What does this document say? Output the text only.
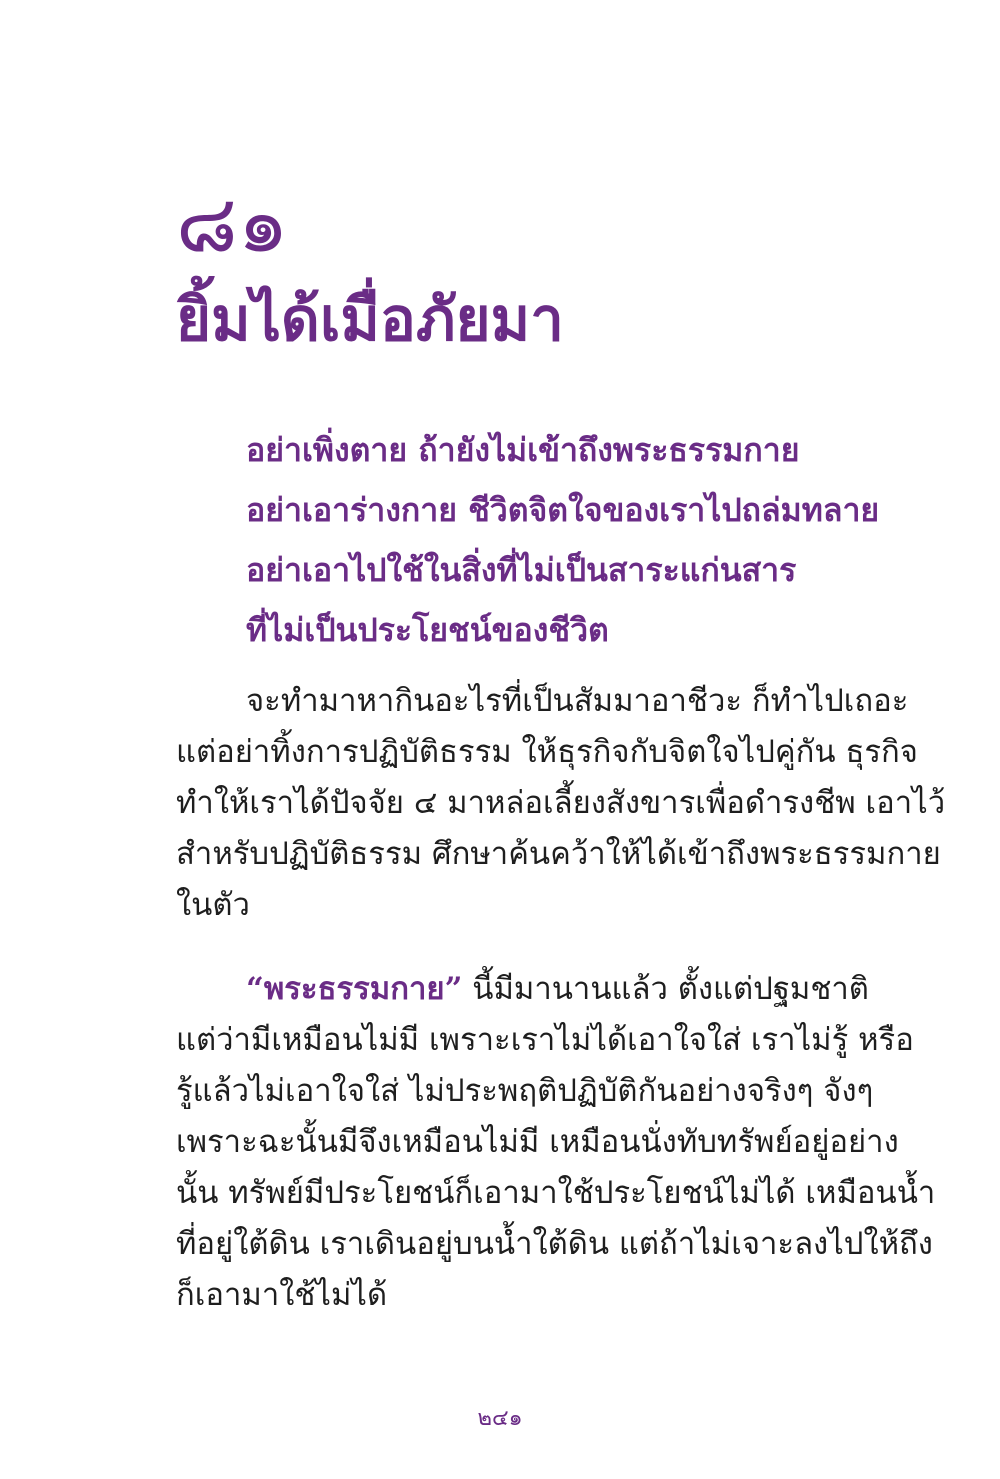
๘๑
ยิ้มได้เมื่อภัยมา
อย่าเพิ่งตาย ถ้ายังไม่เข้าถึงพระธรรมกาย
อย่าเอาร่างกาย ชีวิตจิตใจของเราไปถล่มทลาย
อย่าเอาไปใช้ในสิ่งที่ไม่เป็นสาระแก่นสาร
ที่ไม่เป็นประโยชน์ของชีวิต
จะทำมาหากินอะไรที่เป็นสัมมาอาชีวะ ก็ทำไปเถอะ
แต่อย่าทิ้งการปฏิบัติธรรม ให้ธุรกิจกับจิตใจไปคู่กัน ธุรกิจ
ทำให้เราได้ปัจจัย ๔ มาหล่อเลี้ยงสังขารเพื่อดำรงชีพ เอาไว้
สำหรับปฏิบัติธรรม ศึกษาค้นคว้าให้ได้เข้าถึงพระธรรมกาย
ในตัว
“พระธรรมกาย” นี้มีมานานแล้ว ตั้งแต่ปฐมชาติ
แต่ว่ามีเหมือนไม่มี เพราะเราไม่ได้เอาใจใส่ เราไม่รู้ หรือ
รู้แล้วไม่เอาใจใส่ ไม่ประพฤติปฏิบัติกันอย่างจริงๆ จังๆ
เพราะฉะนั้นมีจึงเหมือนไม่มี เหมือนนั่งทับทรัพย์อยู่อย่าง
นั้น ทรัพย์มีประโยชน์ก็เอามาใช้ประโยชน์ไม่ได้ เหมือนน้ำ
ที่อยู่ใต้ดิน เราเดินอยู่บนน้ำใต้ดิน แต่ถ้าไม่เจาะลงไปให้ถึง
ก็เอามาใช้ไม่ได้
๒๔๑
